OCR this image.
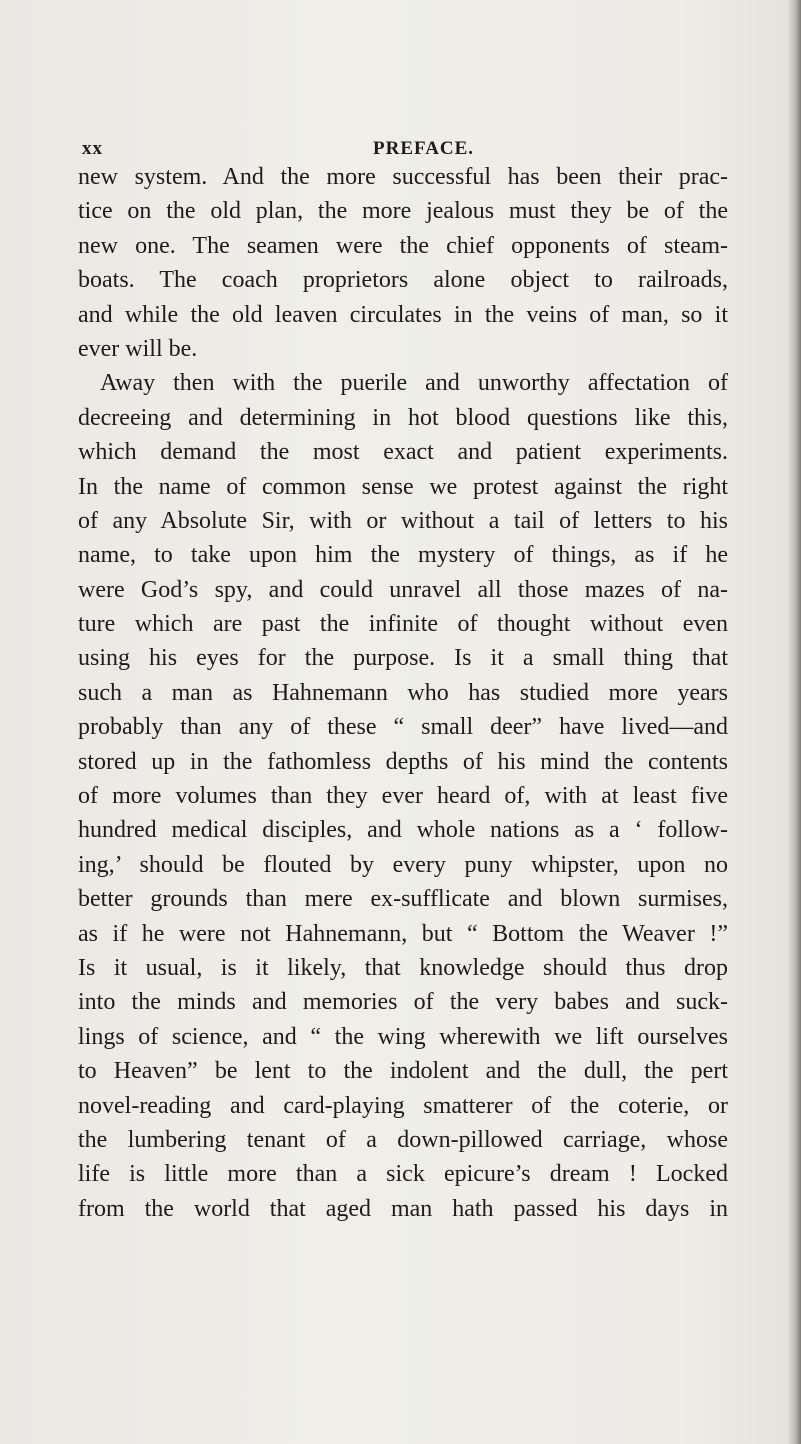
xx	PREFACE.
new system. And the more successful has been their prac-
tice on the old plan, the more jealous must they be of the
new one. The seamen were the chief opponents of steam-
boats. The coach proprietors alone object to railroads,
and while the old leaven circulates in the veins of man, so it
ever will be.
Away then with the puerile and unworthy affectation of
decreeing and determining in hot blood questions like this,
which demand the most exact and patient experiments.
In the name of common sense we protest against the right
of any Absolute Sir, with or without a tail of letters to his
name, to take upon him the mystery of things, as if he
were God’s spy, and could unravel all those mazes of na-
ture which are past the infinite of thought without even
using his eyes for the purpose. Is it a small thing that
such a man as Hahnemann who has studied more years
probably than any of these “ small deer” have lived—and
stored up in the fathomless depths of his mind the contents
of more volumes than they ever heard of, with at least five
hundred medical disciples, and whole nations as a ‘ follow-
ing,’ should be flouted by every puny whipster, upon no
better grounds than mere ex-sufflicate and blown surmises,
as if he were not Hahnemann, but “ Bottom the Weaver !”
Is it usual, is it likely, that knowledge should thus drop
into the minds and memories of the very babes and suck-
lings of science, and “ the wing wherewith we lift ourselves
to Heaven” be lent to the indolent and the dull, the pert
novel-reading and card-playing smatterer of the coterie, or
the lumbering tenant of a down-pillowed carriage, whose
life is little more than a sick epicure’s dream ! Locked
from the world that aged man hath passed his days in
